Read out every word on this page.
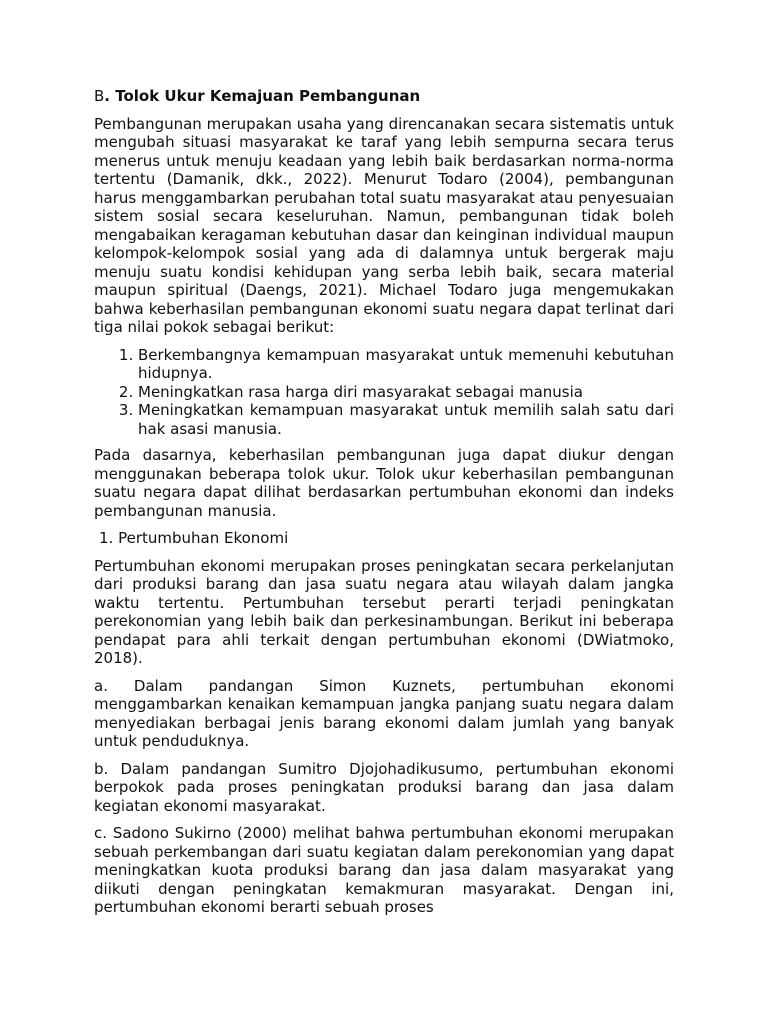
B. Tolok Ukur Kemajuan Pembangunan

Pembangunan merupakan usaha yang direncanakan secara sistematis untuk mengubah situasi masyarakat ke taraf yang lebih sempurna secara terus menerus untuk menuju keadaan yang lebih baik berdasarkan norma-norma tertentu (Damanik, dkk., 2022). Menurut Todaro (2004), pembangunan harus menggambarkan perubahan total suatu masyarakat atau penyesuaian sistem sosial secara keseluruhan. Namun, pembangunan tidak boleh mengabaikan keragaman kebutuhan dasar dan keinginan individual maupun kelompok-kelompok sosial yang ada di dalamnya untuk bergerak maju menuju suatu kondisi kehidupan yang serba lebih baik, secara material maupun spiritual (Daengs, 2021). Michael Todaro juga mengemukakan bahwa keberhasilan pembangunan ekonomi suatu negara dapat terlinat dari tiga nilai pokok sebagai berikut:

1. Berkembangnya kemampuan masyarakat untuk memenuhi kebutuhan hidupnya.
2. Meningkatkan rasa harga diri masyarakat sebagai manusia
3. Meningkatkan kemampuan masyarakat untuk memilih salah satu dari hak asasi manusia.

Pada dasarnya, keberhasilan pembangunan juga dapat diukur dengan menggunakan beberapa tolok ukur. Tolok ukur keberhasilan pembangunan suatu negara dapat dilihat berdasarkan pertumbuhan ekonomi dan indeks pembangunan manusia.

1. Pertumbuhan Ekonomi

Pertumbuhan ekonomi merupakan proses peningkatan secara perkelanjutan dari produksi barang dan jasa suatu negara atau wilayah dalam jangka waktu tertentu. Pertumbuhan tersebut perarti terjadi peningkatan perekonomian yang lebih baik dan perkesinambungan. Berikut ini beberapa pendapat para ahli terkait dengan pertumbuhan ekonomi (DWiatmoko, 2018).

a. Dalam pandangan Simon Kuznets, pertumbuhan ekonomi menggambarkan kenaikan kemampuan jangka panjang suatu negara dalam menyediakan berbagai jenis barang ekonomi dalam jumlah yang banyak untuk penduduknya.

b. Dalam pandangan Sumitro Djojohadikusumo, pertumbuhan ekonomi berpokok pada proses peningkatan produksi barang dan jasa dalam kegiatan ekonomi masyarakat.

c. Sadono Sukirno (2000) melihat bahwa pertumbuhan ekonomi merupakan sebuah perkembangan dari suatu kegiatan dalam perekonomian yang dapat meningkatkan kuota produksi barang dan jasa dalam masyarakat yang diikuti dengan peningkatan kemakmuran masyarakat. Dengan ini, pertumbuhan ekonomi berarti sebuah proses
